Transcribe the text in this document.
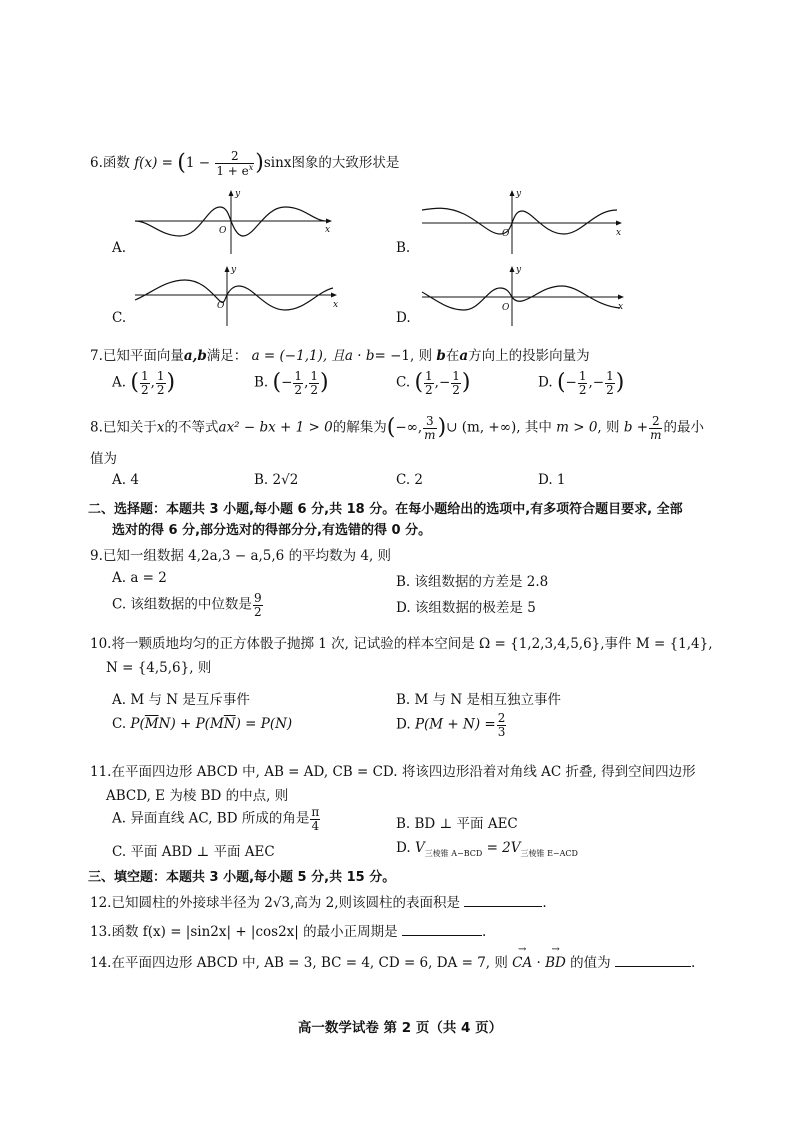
6.函数 $f(x) = (1 - \frac{2}{1 + e^x} )\sin x$图象的大致形状是
A.
y
x
O
B.
y
x
O
C.
y
x
O
D.
y
x
O
7.已知平面向量a,b满足： a = (−1,1), 且a · b= −1, 则 b在a方向上的投影向量为
A. ( $\frac{1}{2}$ , $\frac{1}{2}$ )	B. (− $\frac{1}{2}$ , $\frac{1}{2}$ )	C. ( $\frac{1}{2}$ ,− $\frac{1}{2}$ )	D. (− $\frac{1}{2}$ ,− $\frac{1}{2}$ )
8.已知关于x的不等式ax² − bx + 1 > 0的解集为(−∞, $\frac{3}{m}$ )∪ (m, +∞), 其中 m > 0, 则 $b + \frac{2}{m}$ 的最小
值为
A. 4	B. 2√2	C. 2	D. 1
二、选择题：本题共 3 小题,每小题 6 分,共 18 分。在每小题给出的选项中,有多项符合题目要求, 全部
选对的得 6 分,部分选对的得部分分,有选错的得 0 分。
9.已知一组数据 4,2a,3 − a,5,6 的平均数为 4, 则
A. a = 2	B. 该组数据的方差是 2.8
C. 该组数据的中位数是 $\frac{9}{2}$	D. 该组数据的极差是 5
10.将一颗质地均匀的正方体骰子抛掷 1 次, 记试验的样本空间是 Ω = {1,2,3,4,5,6},事件 M = {1,4},
N = {4,5,6}, 则
A. M 与 N 是互斥事件	B. M 与 N 是相互独立事件
C. $P(\overline{M}N) + P(M\overline{N}) = P(N)$	D. $P(M + N) = \frac{2}{3}$
11.在平面四边形 ABCD 中, AB = AD, CB = CD. 将该四边形沿着对角线 AC 折叠, 得到空间四边形
ABCD, E 为棱 BD 的中点, 则
A. 异面直线 AC, BD 所成的角是 $\frac{\pi}{4}$	B. BD ⊥ 平面 AEC
C. 平面 ABD ⊥ 平面 AEC	D. $V_{三棱锥 A-BCD} = 2V_{三棱锥 E-ACD}$
三、填空题：本题共 3 小题,每小题 5 分,共 15 分。
12.已知圆柱的外接球半径为 2√3,高为 2,则该圆柱的表面积是	.
13.函数 f(x) = |sin2x| + |cos2x| 的最小正周期是	.
14.在平面四边形 ABCD 中, AB = 3, BC = 4, CD = 6, DA = 7, 则 → CA · → BD 的值为	.
高一数学试卷 第 2 页（共 4 页）
